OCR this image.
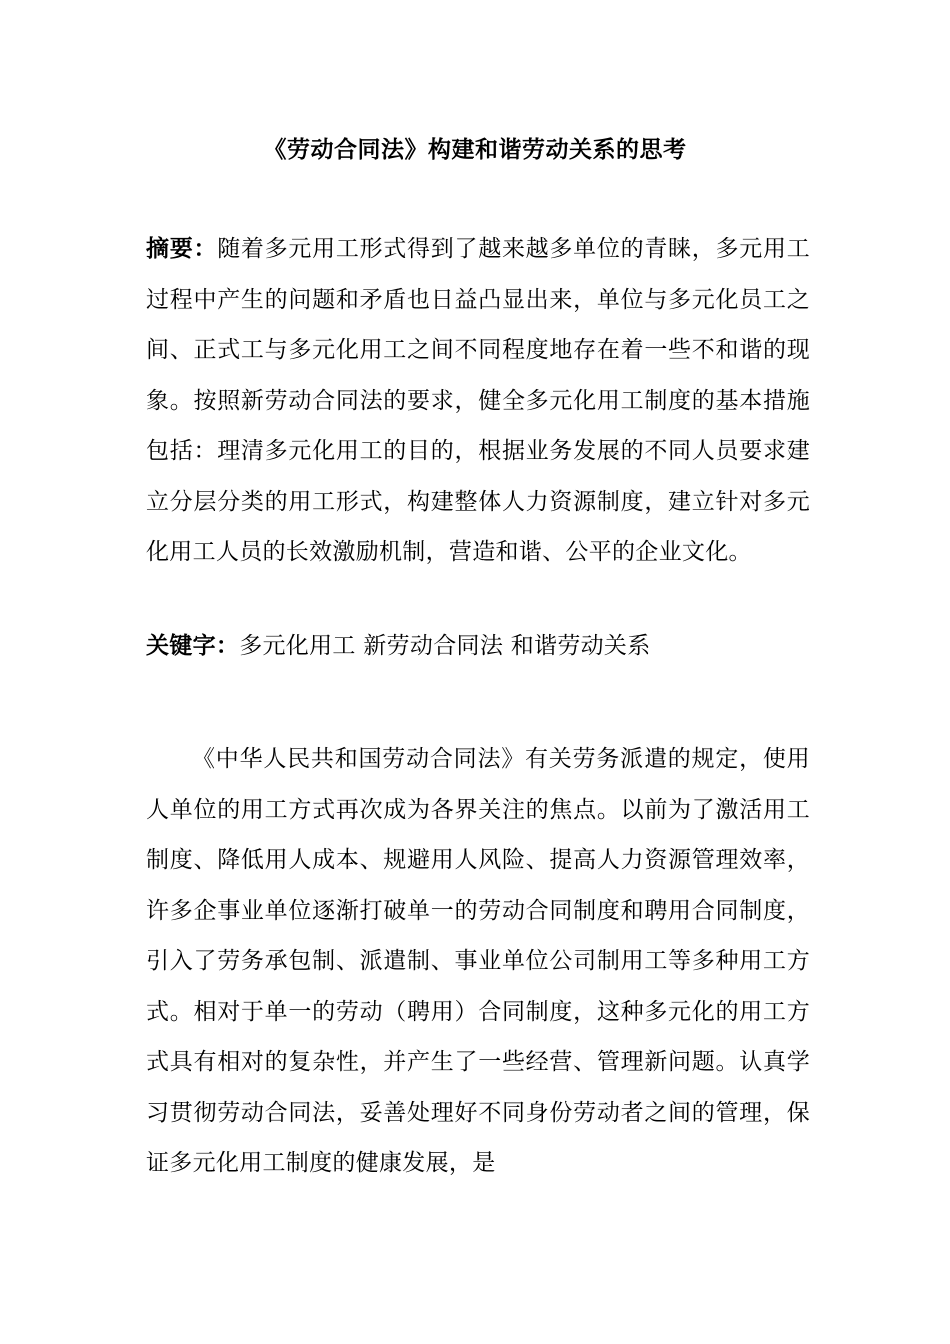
《劳动合同法》构建和谐劳动关系的思考
摘要：随着多元用工形式得到了越来越多单位的青睐，多元用工过程中产生的问题和矛盾也日益凸显出来，单位与多元化员工之间、正式工与多元化用工之间不同程度地存在着一些不和谐的现象。按照新劳动合同法的要求，健全多元化用工制度的基本措施包括：理清多元化用工的目的，根据业务发展的不同人员要求建立分层分类的用工形式，构建整体人力资源制度，建立针对多元化用工人员的长效激励机制，营造和谐、公平的企业文化。
关键字：多元化用工 新劳动合同法 和谐劳动关系
《中华人民共和国劳动合同法》有关劳务派遣的规定，使用人单位的用工方式再次成为各界关注的焦点。以前为了激活用工制度、降低用人成本、规避用人风险、提高人力资源管理效率，许多企事业单位逐渐打破单一的劳动合同制度和聘用合同制度，引入了劳务承包制、派遣制、事业单位公司制用工等多种用工方式。相对于单一的劳动（聘用）合同制度，这种多元化的用工方式具有相对的复杂性，并产生了一些经营、管理新问题。认真学习贯彻劳动合同法，妥善处理好不同身份劳动者之间的管理，保证多元化用工制度的健康发展，是
